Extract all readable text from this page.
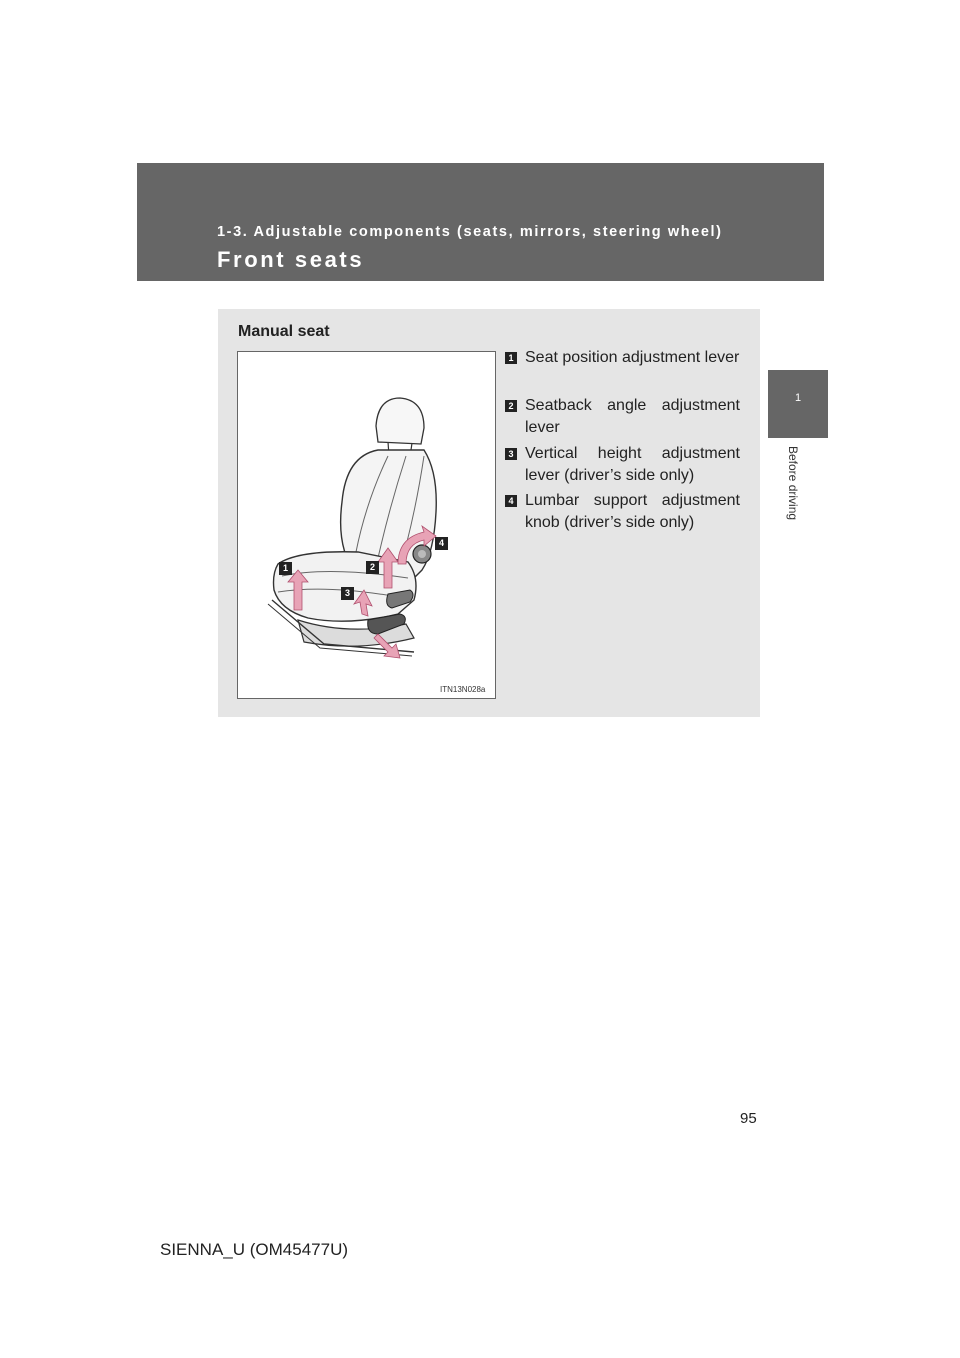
1-3. Adjustable components (seats, mirrors, steering wheel)
Front seats
1
Before driving
Manual seat
1	2
3
4
ITN13N028a
1 Seat position adjustment lever
2 Seatback angle adjustment lever
3 Vertical height adjustment lever (driver’s side only)
4 Lumbar support adjustment knob (driver’s side only)
95
SIENNA_U (OM45477U)
